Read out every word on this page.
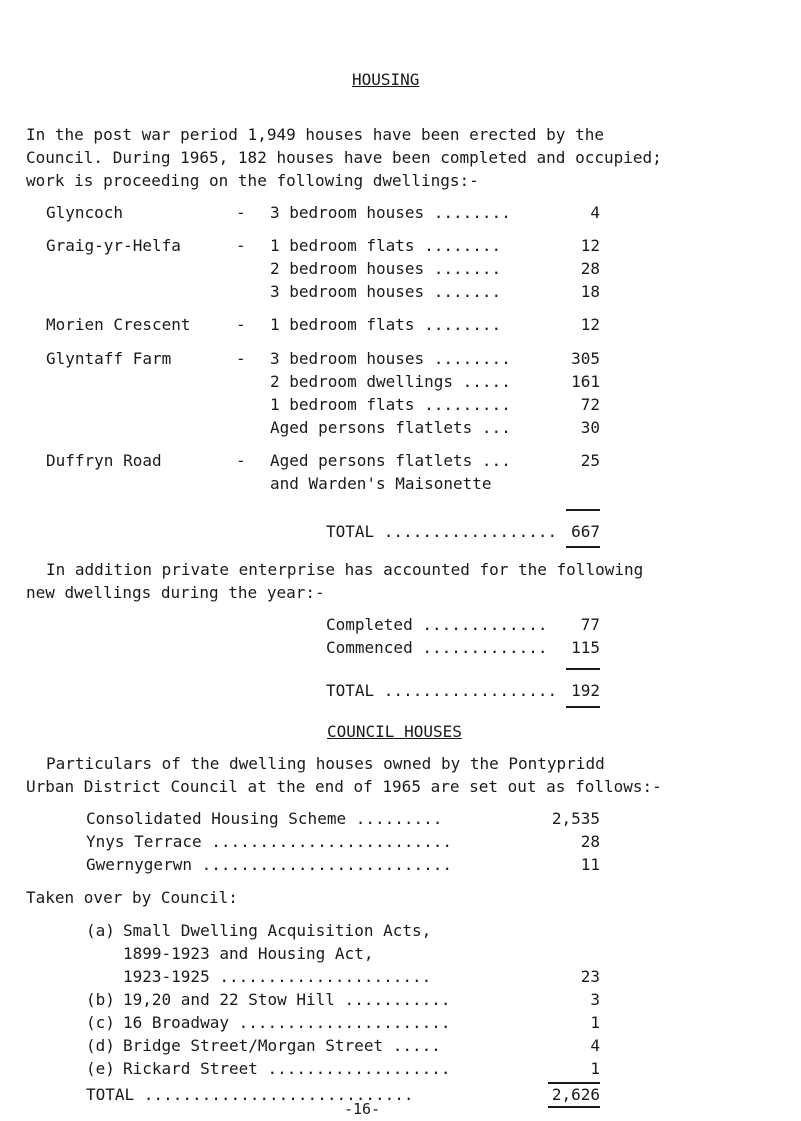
HOUSING
In the post war period 1,949 houses have been erected by the
Council. During 1965, 182 houses have been completed and occupied;
work is proceeding on the following dwellings:-
Glyncoch	- 3 bedroom houses ........	4
Graig-yr-Helfa	- 1 bedroom flats ........	12
2 bedroom houses .......	28
3 bedroom houses .......	18
Morien Crescent	- 1 bedroom flats ........	12
Glyntaff Farm	- 3 bedroom houses ........	305
2 bedroom dwellings .....	161
1 bedroom flats .........	72
Aged persons flatlets ...	30
Duffryn Road	- Aged persons flatlets ...	25
and Warden's Maisonette
TOTAL .................. 667
In addition private enterprise has accounted for the following
new dwellings during the year:-
Completed .............	77
Commenced .............	115
TOTAL .................. 192
COUNCIL HOUSES
Particulars of the dwelling houses owned by the Pontypridd
Urban District Council at the end of 1965 are set out as follows:-
Consolidated Housing Scheme .........	2,535
Ynys Terrace .........................	28
Gwernygerwn ..........................	11
Taken over by Council:
(a) Small Dwelling Acquisition Acts,
1899-1923 and Housing Act,
1923-1925 ......................	23
(b) 19,20 and 22 Stow Hill ...........	3
(c) 16 Broadway ......................	1
(d) Bridge Street/Morgan Street .....	4
(e) Rickard Street ...................	1
TOTAL ............................	2,626
-16-
